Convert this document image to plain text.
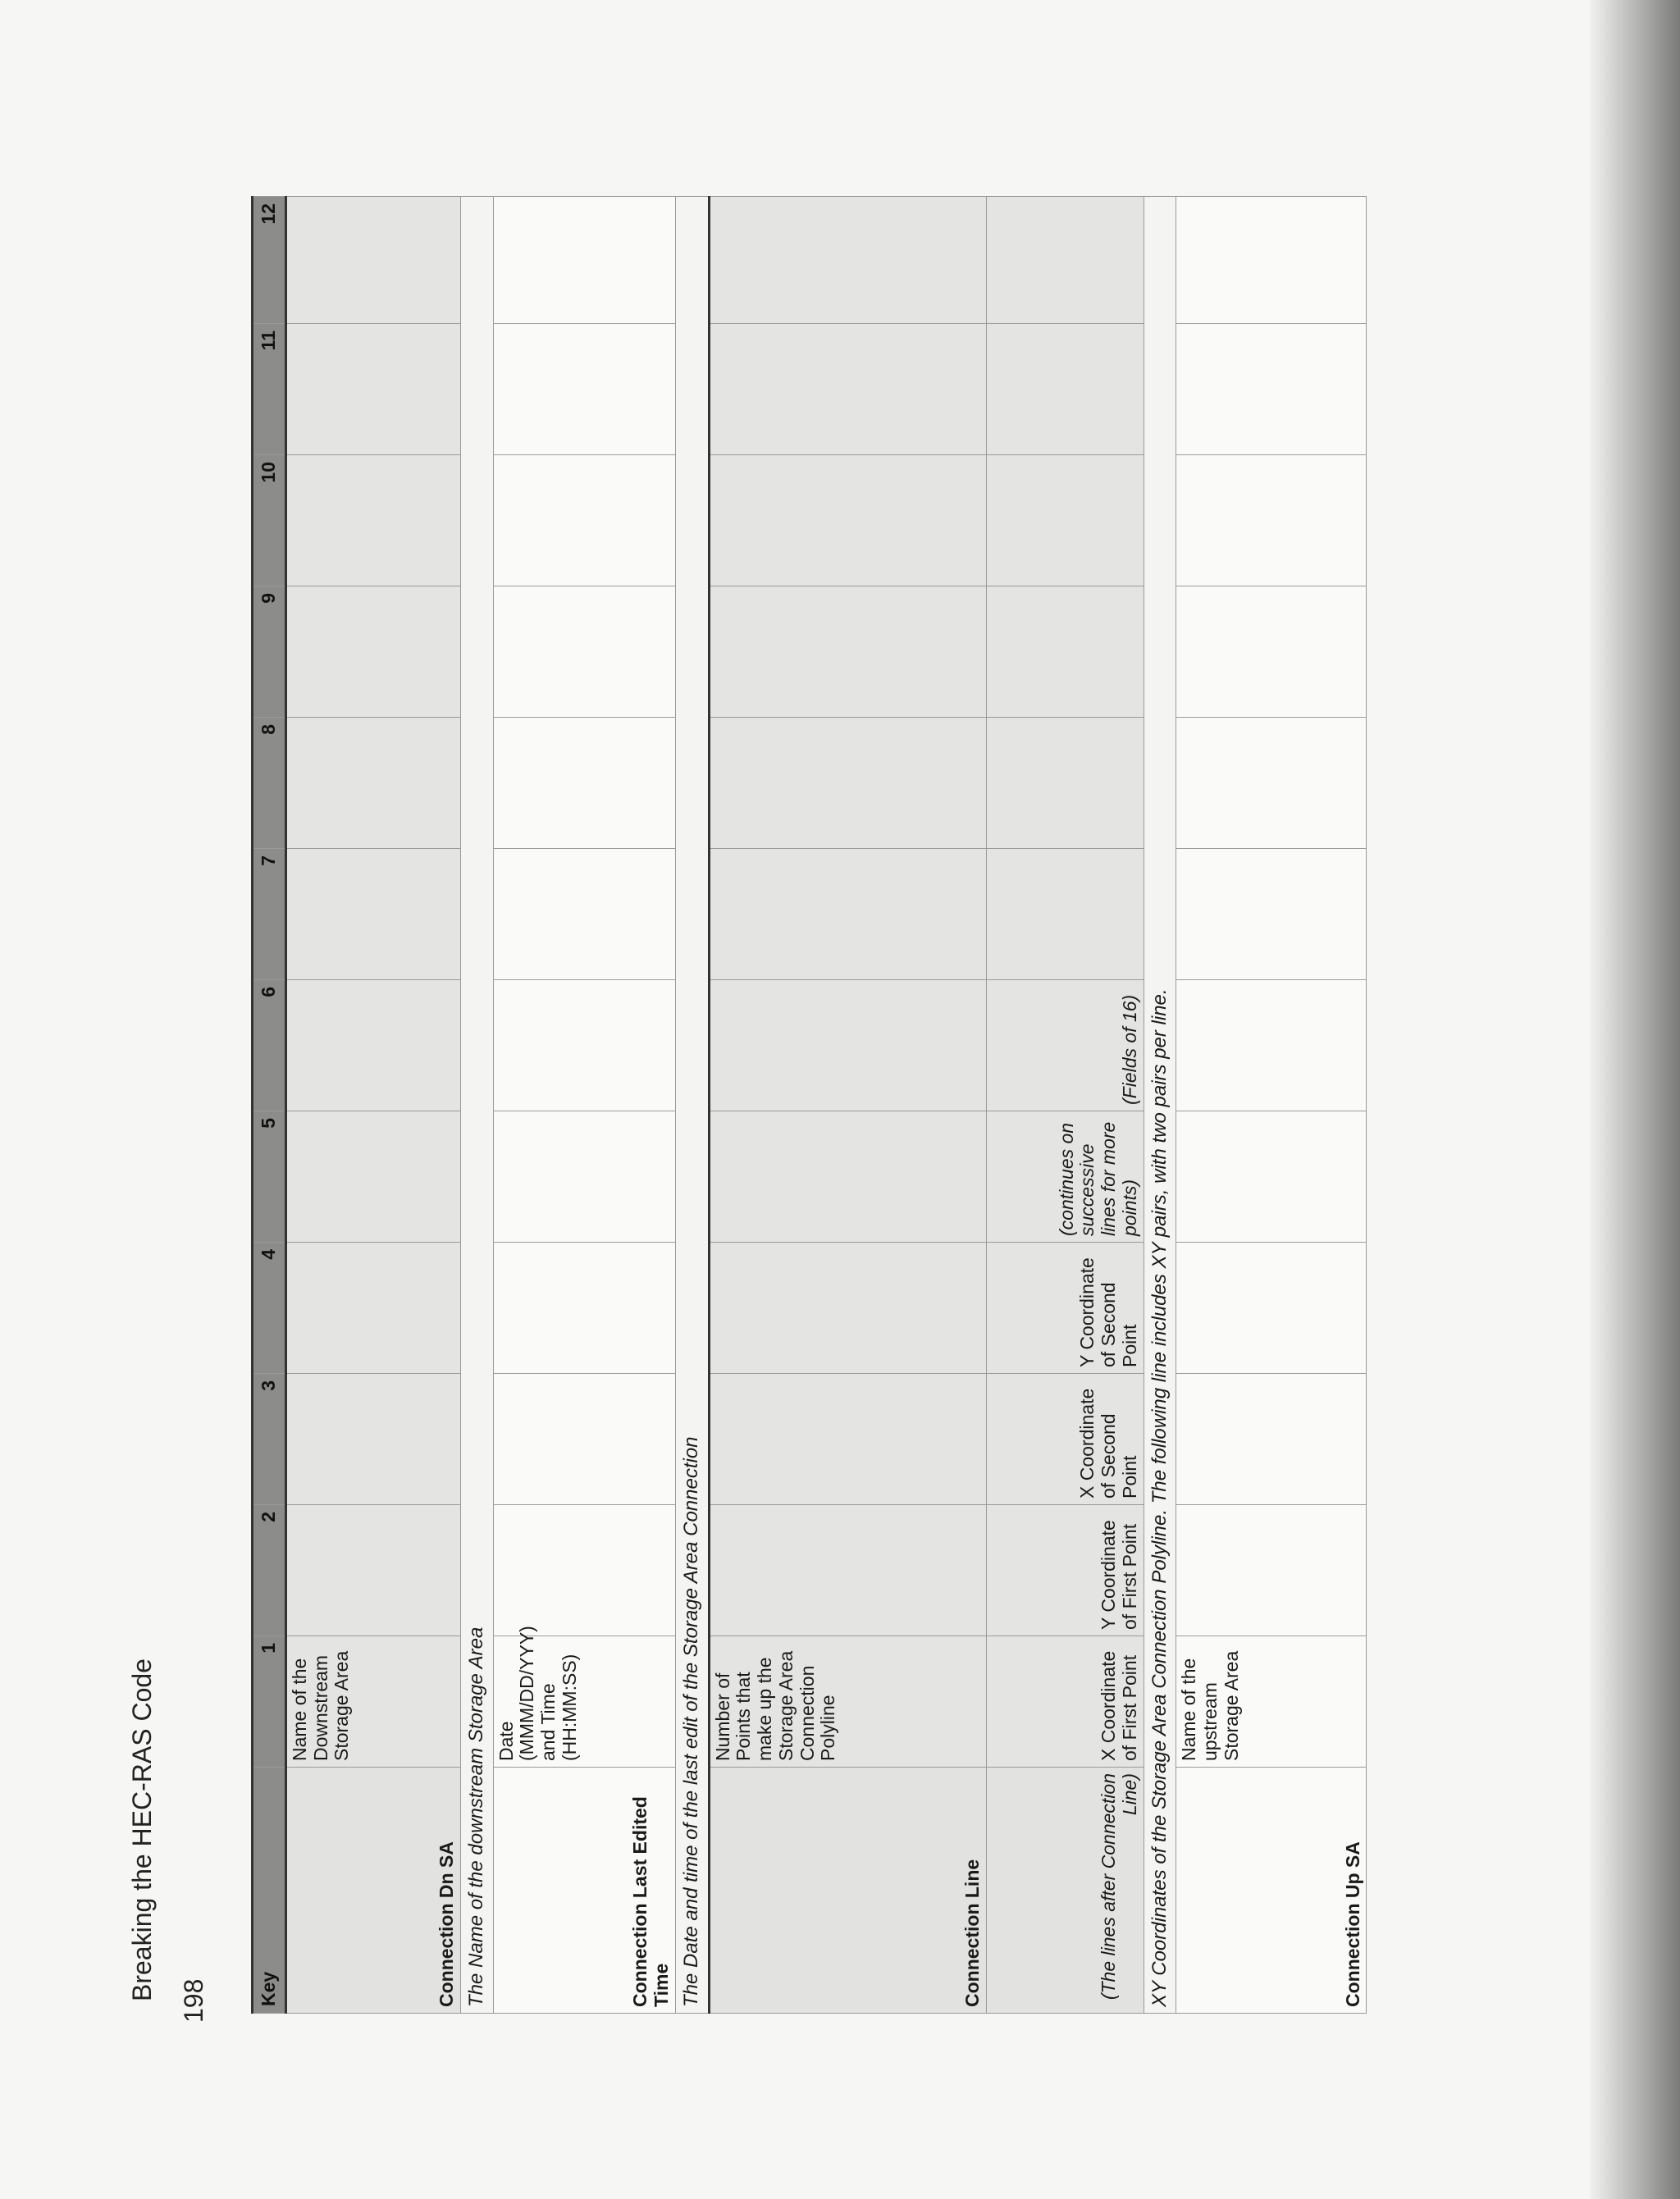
Breaking the HEC-RAS Code 198	Key	1	2	3	4	5	6	7	8	9	10	11	12
Connection Dn SA	Name of the Downstream Storage Area											
The Name of the downstream Storage Area												
Connection Last Edited Time	Date (MMM/DD/YYY) and Time (HH:MM:SS)											
The Date and time of the last edit of the Storage Area Connection												
Connection Line	Number of Points that make up the Storage Area Connection Polyline											
(The lines after Connection Line)	X Coordinate of First Point	Y Coordinate of First Point	X Coordinate of Second Point	Y Coordinate of Second Point	(continues on successive lines for more points)	(Fields of 16)						
XY Coordinates of the Storage Area Connection Polyline. The following line includes XY pairs, with two pairs per line.												
Connection Up SA	Name of the upstream Storage Area											
